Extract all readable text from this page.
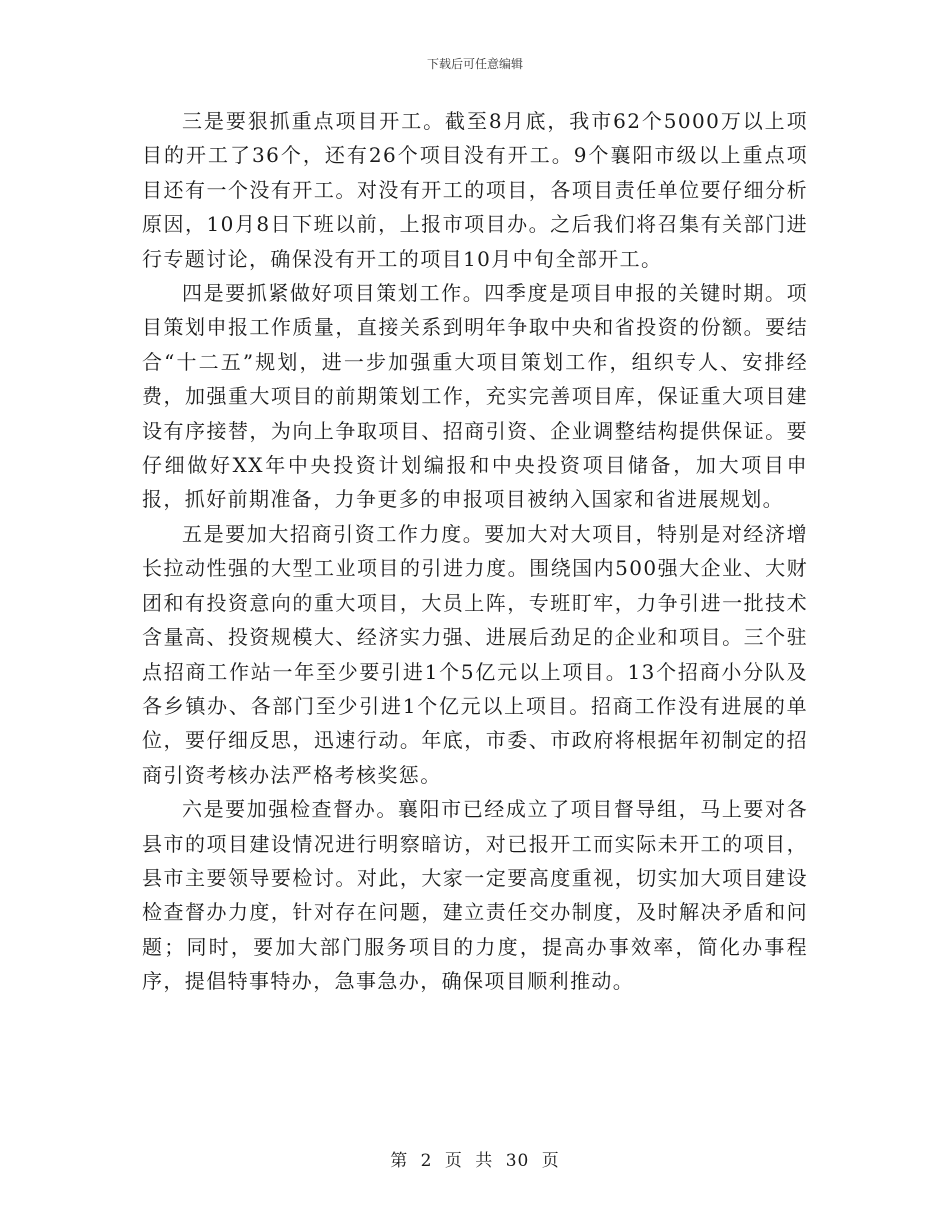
下载后可任意编辑

三是要狠抓重点项目开工。截至8月底，我市62个5000万以上项目的开工了36个，还有26个项目没有开工。9个襄阳市级以上重点项目还有一个没有开工。对没有开工的项目，各项目责任单位要仔细分析原因，10月8日下班以前，上报市项目办。之后我们将召集有关部门进行专题讨论，确保没有开工的项目10月中旬全部开工。

四是要抓紧做好项目策划工作。四季度是项目申报的关键时期。项目策划申报工作质量，直接关系到明年争取中央和省投资的份额。要结合“十二五”规划，进一步加强重大项目策划工作，组织专人、安排经费，加强重大项目的前期策划工作，充实完善项目库，保证重大项目建设有序接替，为向上争取项目、招商引资、企业调整结构提供保证。要仔细做好XX年中央投资计划编报和中央投资项目储备，加大项目申报，抓好前期准备，力争更多的申报项目被纳入国家和省进展规划。

五是要加大招商引资工作力度。要加大对大项目，特别是对经济增长拉动性强的大型工业项目的引进力度。围绕国内500强大企业、大财团和有投资意向的重大项目，大员上阵，专班盯牢，力争引进一批技术含量高、投资规模大、经济实力强、进展后劲足的企业和项目。三个驻点招商工作站一年至少要引进1个5亿元以上项目。13个招商小分队及各乡镇办、各部门至少引进1个亿元以上项目。招商工作没有进展的单位，要仔细反思，迅速行动。年底，市委、市政府将根据年初制定的招商引资考核办法严格考核奖惩。

六是要加强检查督办。襄阳市已经成立了项目督导组，马上要对各县市的项目建设情况进行明察暗访，对已报开工而实际未开工的项目，县市主要领导要检讨。对此，大家一定要高度重视，切实加大项目建设检查督办力度，针对存在问题，建立责任交办制度，及时解决矛盾和问题；同时，要加大部门服务项目的力度，提高办事效率，简化办事程序，提倡特事特办，急事急办，确保项目顺利推动。

第 2 页 共 30 页
